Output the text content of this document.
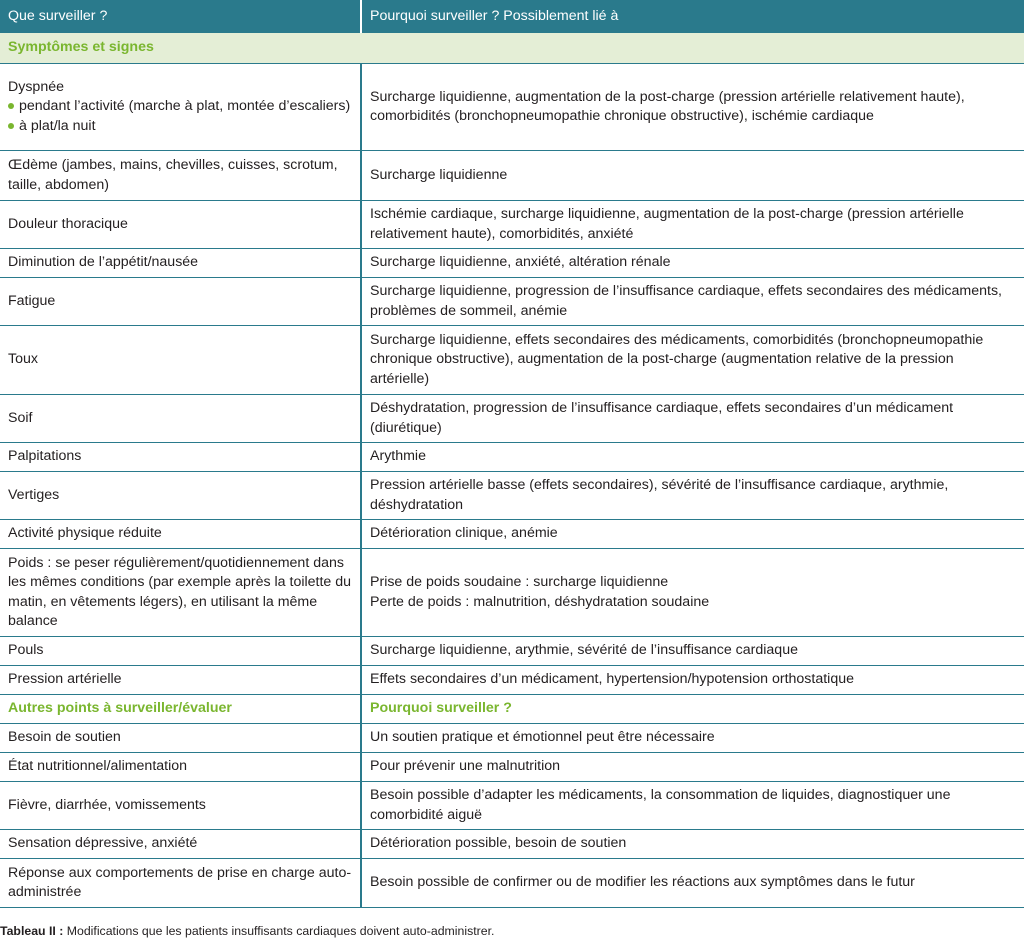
Que surveiller ?	Pourquoi surveiller ? Possiblement lié à
Symptômes et signes	

Dyspnée
pendant l’activité (marche à plat, montée d’escaliers)
à plat/la nuit	Surcharge liquidienne, augmentation de la post-charge (pression artérielle relativement haute), comorbidités (bronchopneumopathie chronique obstructive), ischémie cardiaque
Œdème (jambes, mains, chevilles, cuisses, scrotum, taille, abdomen)	Surcharge liquidienne
Douleur thoracique	Ischémie cardiaque, surcharge liquidienne, augmentation de la post-charge (pression artérielle relativement haute), comorbidités, anxiété
Diminution de l’appétit/nausée	Surcharge liquidienne, anxiété, altération rénale
Fatigue	Surcharge liquidienne, progression de l’insuffisance cardiaque, effets secondaires des médicaments, problèmes de sommeil, anémie
Toux	Surcharge liquidienne, effets secondaires des médicaments, comorbidités (bronchopneumopathie chronique obstructive), augmentation de la post-charge (augmentation relative de la pression artérielle)
Soif	Déshydratation, progression de l’insuffisance cardiaque, effets secondaires d’un médicament (diurétique)
Palpitations	Arythmie
Vertiges	Pression artérielle basse (effets secondaires), sévérité de l’insuffisance cardiaque, arythmie, déshydratation
Activité physique réduite	Détérioration clinique, anémie
Poids : se peser régulièrement/quotidiennement dans les mêmes conditions (par exemple après la toilette du matin, en vêtements légers), en utilisant la même balance	Prise de poids soudaine : surcharge liquidienne
Perte de poids : malnutrition, déshydratation soudaine

Pouls	Surcharge liquidienne, arythmie, sévérité de l’insuffisance cardiaque
Pression artérielle	Effets secondaires d’un médicament, hypertension/hypotension orthostatique
Autres points à surveiller/évaluer	Pourquoi surveiller ?
Besoin de soutien	Un soutien pratique et émotionnel peut être nécessaire
État nutritionnel/alimentation	Pour prévenir une malnutrition
Fièvre, diarrhée, vomissements	Besoin possible d’adapter les médicaments, la consommation de liquides, diagnostiquer une comorbidité aiguë
Sensation dépressive, anxiété	Détérioration possible, besoin de soutien
Réponse aux comportements de prise en charge auto-administrée	Besoin possible de confirmer ou de modifier les réactions aux symptômes dans le futur
Tableau II : Modifications que les patients insuffisants cardiaques doivent auto-administrer.
